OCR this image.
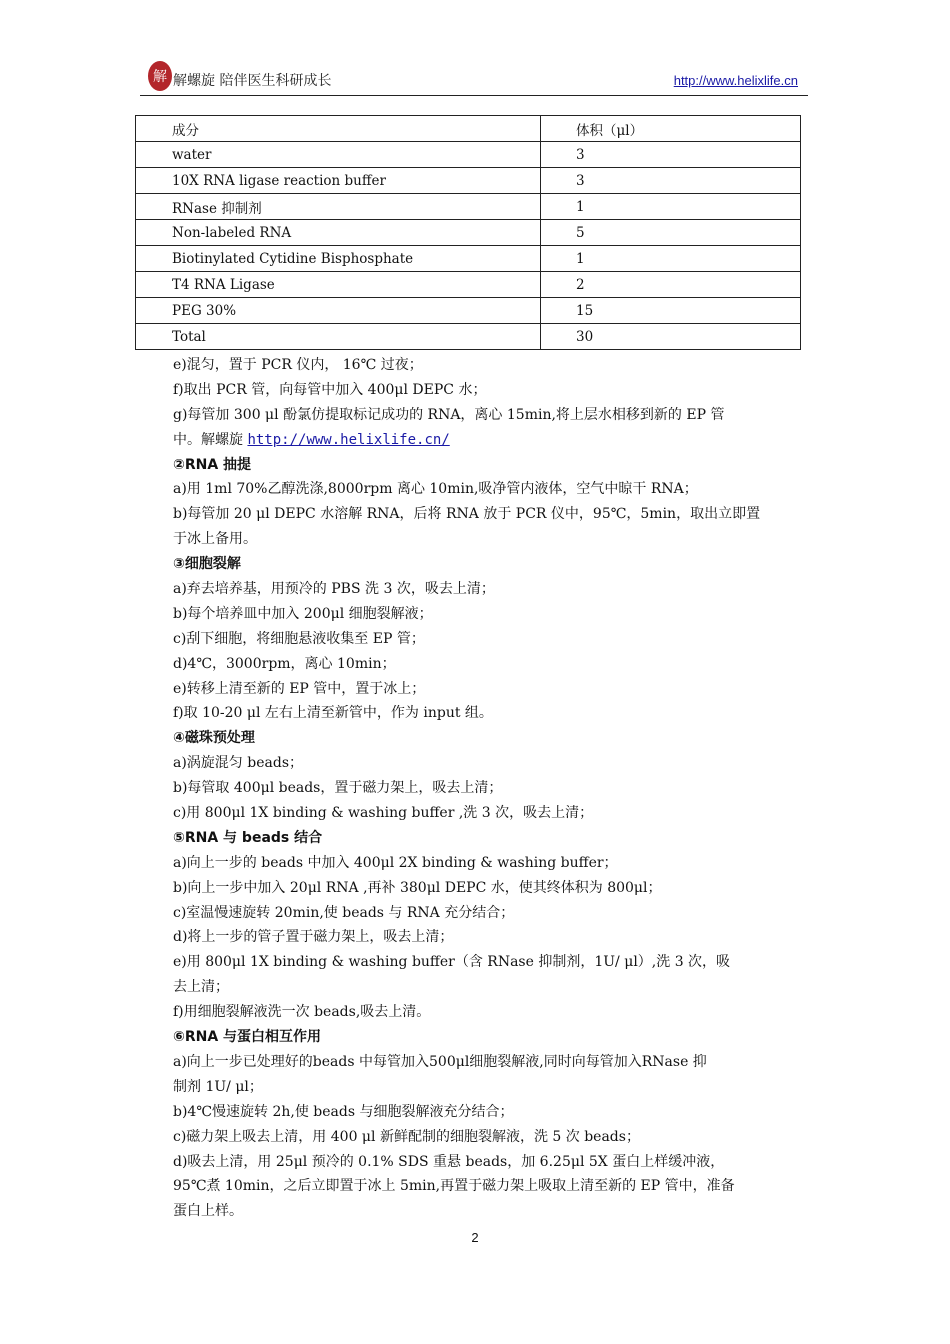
解 解螺旋 陪伴医生科研成长	http://www.helixlife.cn
成分	体积（μl）
water	3
10X RNA ligase reaction buffer	3
RNase 抑制剂	1
Non-labeled RNA	5
Biotinylated Cytidine Bisphosphate	1
T4 RNA Ligase	2
PEG 30%	15
Total	30
e)混匀，置于 PCR 仪内， 16℃ 过夜；
f)取出 PCR 管，向每管中加入 400μl DEPC 水；
g)每管加 300 μl 酚氯仿提取标记成功的 RNA，离心 15min,将上层水相移到新的 EP 管
中。解螺旋 http://www.helixlife.cn/
②RNA 抽提
a)用 1ml 70%乙醇洗涤,8000rpm 离心 10min,吸净管内液体，空气中晾干 RNA；
b)每管加 20 μl DEPC 水溶解 RNA，后将 RNA 放于 PCR 仪中，95℃，5min，取出立即置
于冰上备用。
③细胞裂解
a)弃去培养基，用预冷的 PBS 洗 3 次，吸去上清；
b)每个培养皿中加入 200μl 细胞裂解液；
c)刮下细胞，将细胞悬液收集至 EP 管；
d)4℃，3000rpm，离心 10min；
e)转移上清至新的 EP 管中，置于冰上；
f)取 10-20 μl 左右上清至新管中，作为 input 组。
④磁珠预处理
a)涡旋混匀 beads；
b)每管取 400μl beads，置于磁力架上，吸去上清；
c)用 800μl 1X binding & washing buffer ,洗 3 次，吸去上清；
⑤RNA 与 beads 结合
a)向上一步的 beads 中加入 400μl 2X binding & washing buffer；
b)向上一步中加入 20μl RNA ,再补 380μl DEPC 水，使其终体积为 800μl；
c)室温慢速旋转 20min,使 beads 与 RNA 充分结合；
d)将上一步的管子置于磁力架上，吸去上清；
e)用 800μl 1X binding & washing buffer（含 RNase 抑制剂，1U/ μl）,洗 3 次，吸
去上清；
f)用细胞裂解液洗一次 beads,吸去上清。
⑥RNA 与蛋白相互作用
a)向上一步已处理好的beads 中每管加入500μl细胞裂解液,同时向每管加入RNase 抑
制剂 1U/ μl；
b)4℃慢速旋转 2h,使 beads 与细胞裂解液充分结合；
c)磁力架上吸去上清，用 400 μl 新鲜配制的细胞裂解液，洗 5 次 beads；
d)吸去上清，用 25μl 预冷的 0.1% SDS 重悬 beads，加 6.25μl 5X 蛋白上样缓冲液，
95℃煮 10min，之后立即置于冰上 5min,再置于磁力架上吸取上清至新的 EP 管中，准备
蛋白上样。
2
